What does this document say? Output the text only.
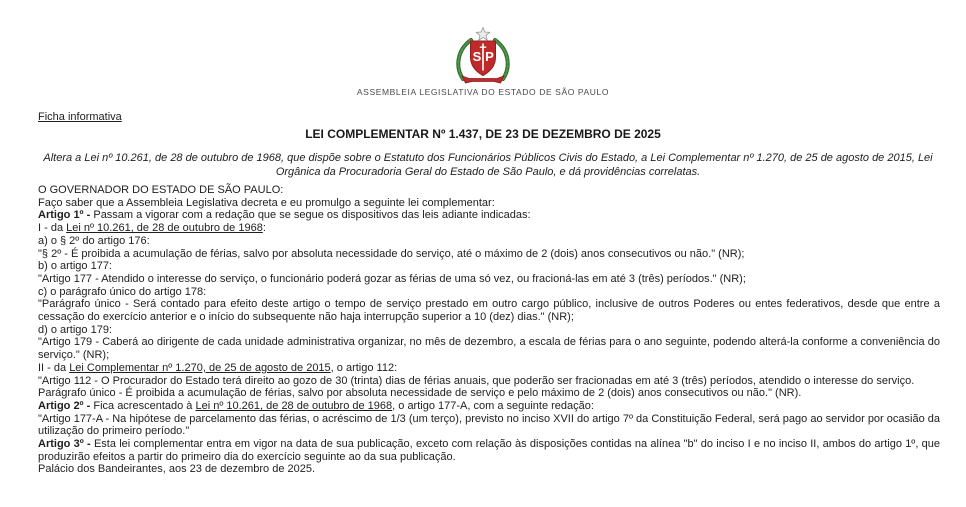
S P
ASSEMBLEIA LEGISLATIVA DO ESTADO DE SÃO PAULO
Ficha informativa
LEI COMPLEMENTAR Nº 1.437, DE 23 DE DEZEMBRO DE 2025
Altera a Lei nº 10.261, de 28 de outubro de 1968, que dispõe sobre o Estatuto dos Funcionários Públicos Civis do Estado, a Lei Complementar nº 1.270, de 25 de agosto de 2015, Lei Orgânica da Procuradoria Geral do Estado de São Paulo, e dá providências correlatas.

O GOVERNADOR DO ESTADO DE SÃO PAULO:

Faço saber que a Assembleia Legislativa decreta e eu promulgo a seguinte lei complementar:

Artigo 1º - Passam a vigorar com a redação que se segue os dispositivos das leis adiante indicadas:

I - da Lei nº 10.261, de 28 de outubro de 1968:

a) o § 2º do artigo 176:

"§ 2º - É proibida a acumulação de férias, salvo por absoluta necessidade do serviço, até o máximo de 2 (dois) anos consecutivos ou não." (NR);

b) o artigo 177:

"Artigo 177 - Atendido o interesse do serviço, o funcionário poderá gozar as férias de uma só vez, ou fracioná-las em até 3 (três) períodos." (NR);

c) o parágrafo único do artigo 178:

"Parágrafo único - Será contado para efeito deste artigo o tempo de serviço prestado em outro cargo público, inclusive de outros Poderes ou entes federativos, desde que entre a cessação do exercício anterior e o início do subsequente não haja interrupção superior a 10 (dez) dias." (NR);

d) o artigo 179:

"Artigo 179 - Caberá ao dirigente de cada unidade administrativa organizar, no mês de dezembro, a escala de férias para o ano seguinte, podendo alterá-la conforme a conveniência do serviço." (NR);

II - da Lei Complementar nº 1.270, de 25 de agosto de 2015, o artigo 112:

"Artigo 112 - O Procurador do Estado terá direito ao gozo de 30 (trinta) dias de férias anuais, que poderão ser fracionadas em até 3 (três) períodos, atendido o interesse do serviço.

Parágrafo único - É proibida a acumulação de férias, salvo por absoluta necessidade de serviço e pelo máximo de 2 (dois) anos consecutivos ou não." (NR).

Artigo 2º - Fica acrescentado à Lei nº 10.261, de 28 de outubro de 1968, o artigo 177-A, com a seguinte redação:

"Artigo 177-A - Na hipótese de parcelamento das férias, o acréscimo de 1/3 (um terço), previsto no inciso XVII do artigo 7º da Constituição Federal, será pago ao servidor por ocasião da utilização do primeiro período."

Artigo 3º - Esta lei complementar entra em vigor na data de sua publicação, exceto com relação às disposições contidas na alínea "b" do inciso I e no inciso II, ambos do artigo 1º, que produzirão efeitos a partir do primeiro dia do exercício seguinte ao da sua publicação.

Palácio dos Bandeirantes, aos 23 de dezembro de 2025.
